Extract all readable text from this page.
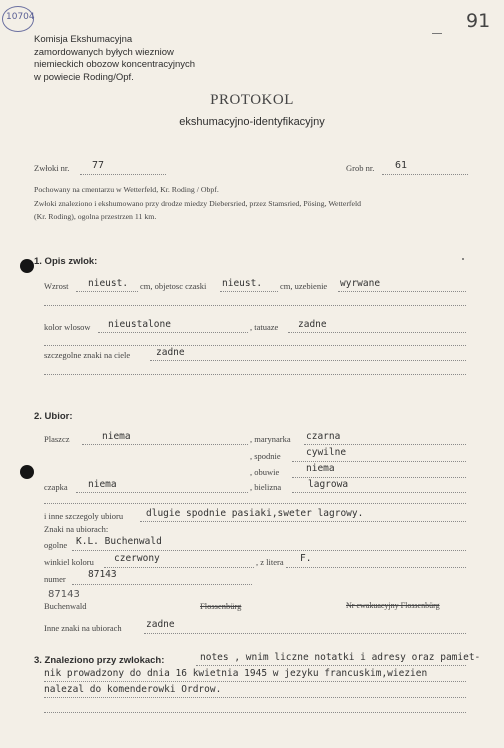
10704	91
Komisja Ekshumacyjna
zamordowanych byłych wiezniow
niemieckich obozow koncentracyjnych
w powiecie Roding/Opf.
PROTOKOL
ekshumacyjno-identyfikacyjny
Zwłoki nr. 77	Grob nr. 61
Pochowany na cmentarzu w Wetterfeld, Kr. Roding / Obpf.
Zwłoki znaleziono i ekshumowano przy drodze miedzy Diebersried, przez Stamsried, Pösing, Wetterfeld
(Kr. Roding), ogolna przestrzen 11 km.
1. Opis zwlok:
Wzrost nieust. cm, objetosc czaski nieust. cm, uzebienie wyrwane
kolor wlosow nieustalone	, tatuaze zadne
szczegolne znaki na ciele	zadne
2. Ubior:
Plaszcz	niema	, marynarka czarna
, spodnie	cywilne
, obuwie	niema
czapka niema	, bielizna	lagrowa
i inne szczegoly ubioru dlugie spodnie pasiaki,sweter lagrowy.
Znaki na ubiorach:
ogolne K.L. Buchenwald
winkiel koloru czerwony	, z litera F.
numer 87143
87143
Buchenwald	Flossenbürg	Nr ewakuacyjny Flossenbürg
Inne znaki na ubiorach	zadne
3. Znaleziono przy zwlokach:	notes , wnim liczne notatki i adresy oraz pamiet-
nik prowadzony do dnia 16 kwietnia 1945 w jezyku francuskim,wiezien
nalezal do komenderowki Ordrow.
